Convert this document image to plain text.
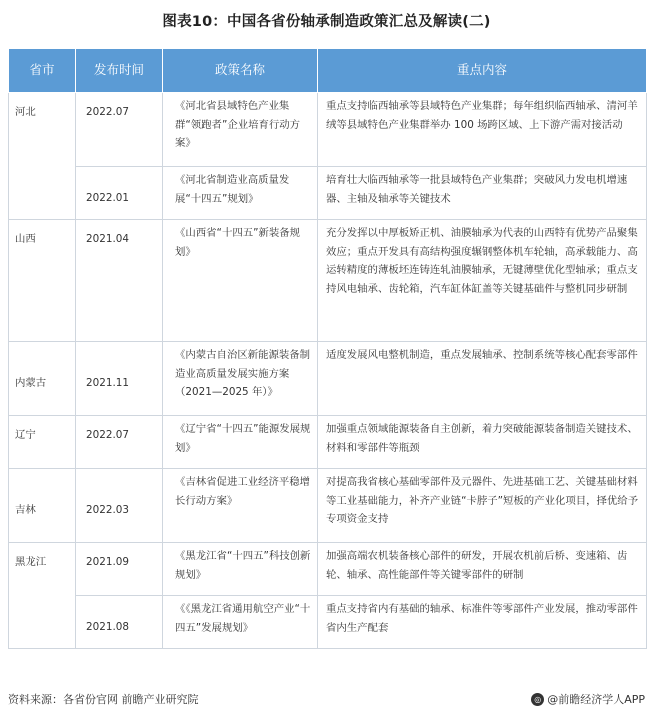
图表10：中国各省份轴承制造政策汇总及解读(二)
省市	发布时间	政策名称	重点内容
河北	2022.07	《河北省县域特色产业集群“领跑者”企业培育行动方案》	重点支持临西轴承等县域特色产业集群；每年组织临西轴承、清河羊绒等县域特色产业集群举办 100 场跨区域、上下游产需对接活动
	2022.01	《河北省制造业高质量发展“十四五”规划》	培育壮大临西轴承等一批县域特色产业集群；突破风力发电机增速器、主轴及轴承等关键技术
山西	2021.04	《山西省“十四五”新装备规划》	充分发挥以中厚板矫正机、油膜轴承为代表的山西特有优势产品聚集效应；重点开发具有高结构强度辗钢整体机车轮轴，高承载能力、高运转精度的薄板坯连铸连轧油膜轴承，无键薄壁优化型轴承；重点支持风电轴承、齿轮箱，汽车缸体缸盖等关键基础件与整机同步研制
内蒙古	2021.11	《内蒙古自治区新能源装备制造业高质量发展实施方案（2021—2025 年）》	适度发展风电整机制造，重点发展轴承、控制系统等核心配套零部件
辽宁	2022.07	《辽宁省“十四五”能源发展规划》	加强重点领域能源装备自主创新，着力突破能源装备制造关键技术、材料和零部件等瓶颈
吉林	2022.03	《吉林省促进工业经济平稳增长行动方案》	对提高我省核心基础零部件及元器件、先进基础工艺、关键基础材料等工业基础能力，补齐产业链“卡脖子”短板的产业化项目，择优给予专项资金支持
黑龙江	2021.09	《黑龙江省“十四五”科技创新规划》	加强高端农机装备核心部件的研发，开展农机前后桥、变速箱、齿轮、轴承、高性能部件等关键零部件的研制
	2021.08	《《黑龙江省通用航空产业“十四五”发展规划》	重点支持省内有基础的轴承、标准件等零部件产业发展，推动零部件省内生产配套
资料来源：各省份官网 前瞻产业研究院	◎ @前瞻经济学人APP
